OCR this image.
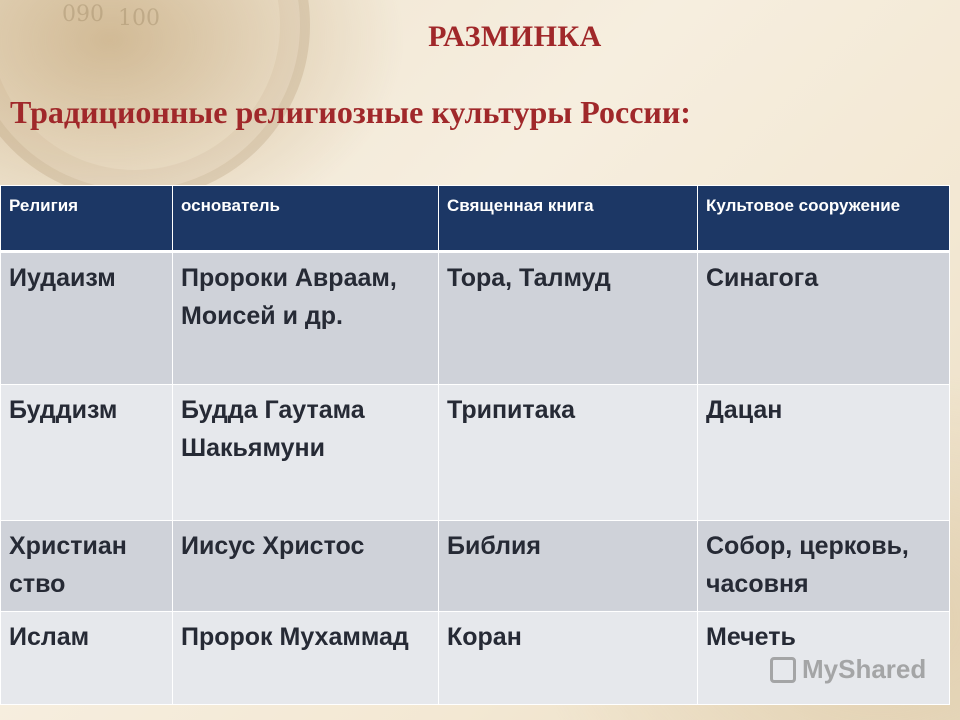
090 100
РАЗМИНКА
Традиционные религиозные культуры России:
Религия	основатель	Священная книга	Культовое сооружение
Иудаизм	Пророки Авраам, Моисей и др.	Тора, Талмуд	Синагога
Буддизм	Будда Гаутама Шакьямуни	Трипитака	Дацан
Христиан ство	Иисус Христос	Библия	Собор, церковь, часовня
Ислам	Пророк Мухаммад	Коран	Мечеть
MyShared
